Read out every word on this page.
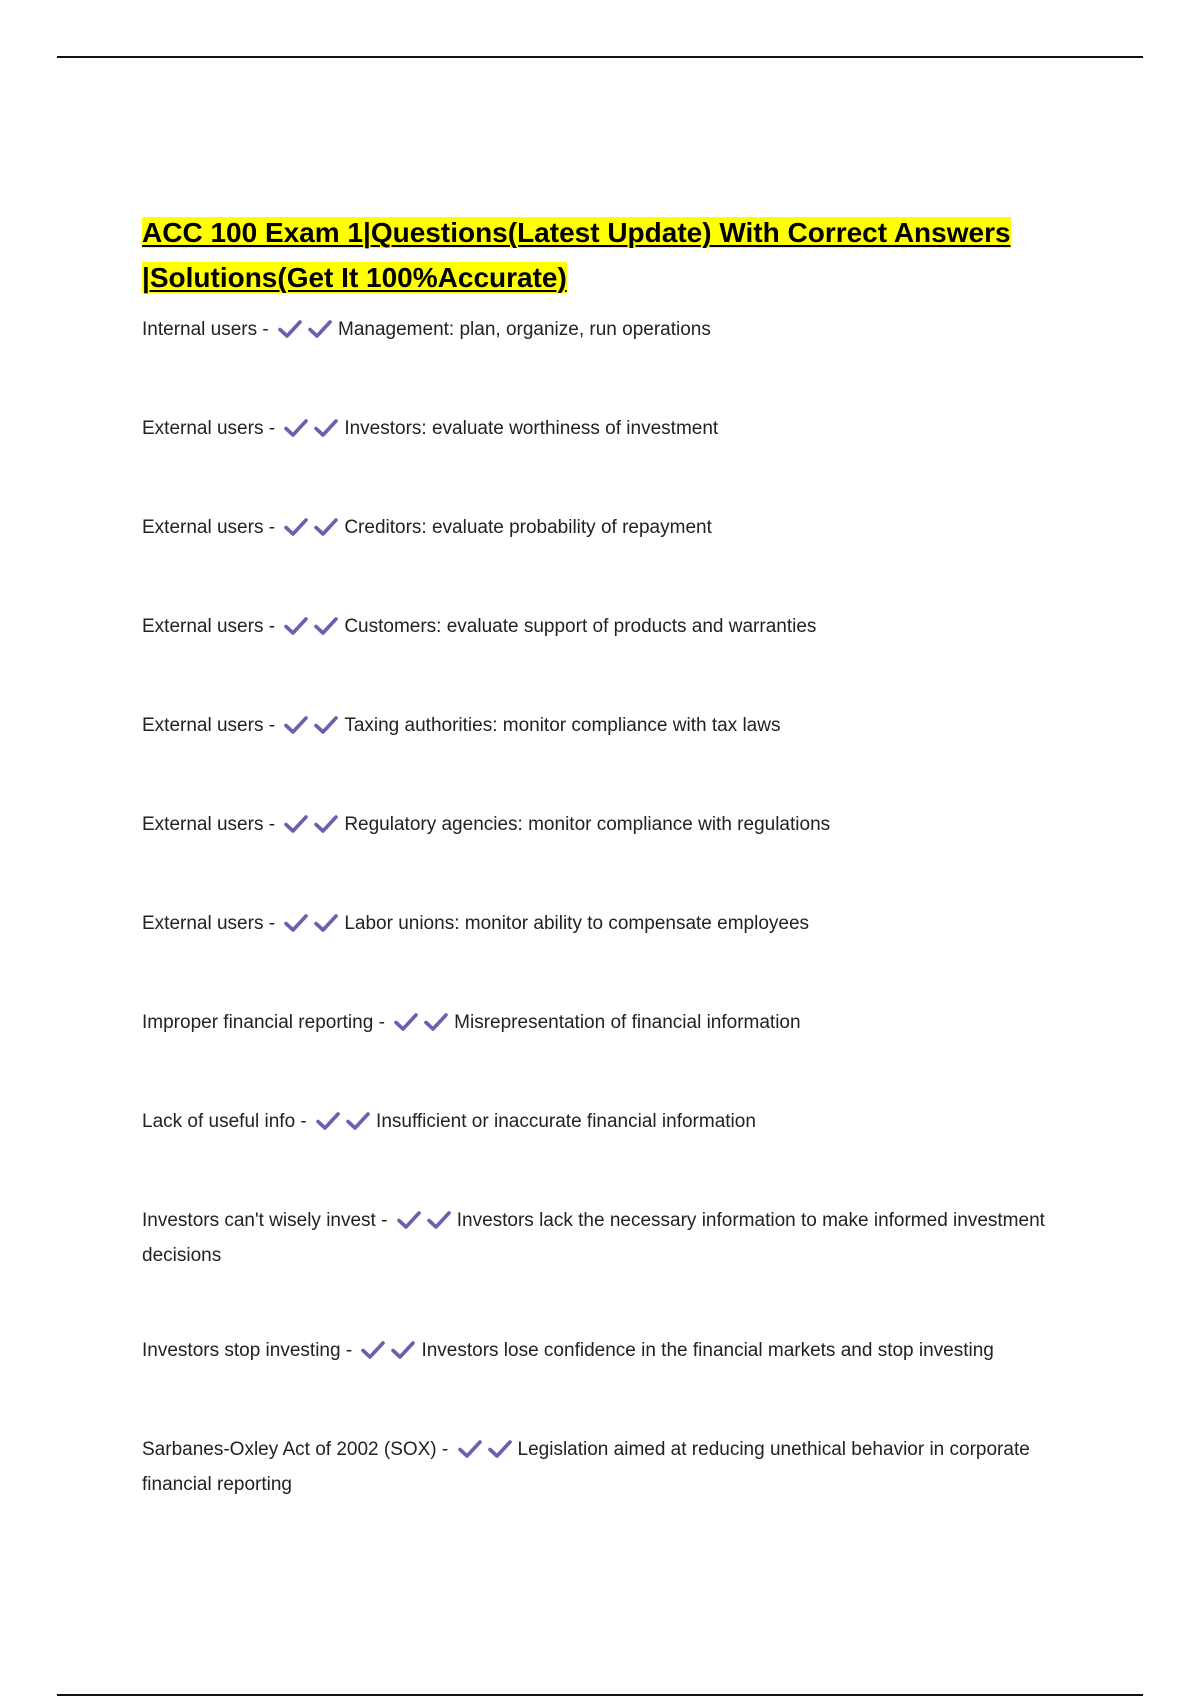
ACC 100 Exam 1|Questions(Latest Update) With Correct Answers |Solutions(Get It 100%Accurate)

Internal users -	Management: plan, organize, run operations

External users -	Investors: evaluate worthiness of investment

External users -	Creditors: evaluate probability of repayment

External users -	Customers: evaluate support of products and warranties

External users -	Taxing authorities: monitor compliance with tax laws

External users -	Regulatory agencies: monitor compliance with regulations

External users -	Labor unions: monitor ability to compensate employees

Improper financial reporting -	Misrepresentation of financial information

Lack of useful info -	Insufficient or inaccurate financial information

Investors can't wisely invest -	Investors lack the necessary information to make informed investment decisions

Investors stop investing -	Investors lose confidence in the financial markets and stop investing

Sarbanes-Oxley Act of 2002 (SOX) -	Legislation aimed at reducing unethical behavior in corporate financial reporting
